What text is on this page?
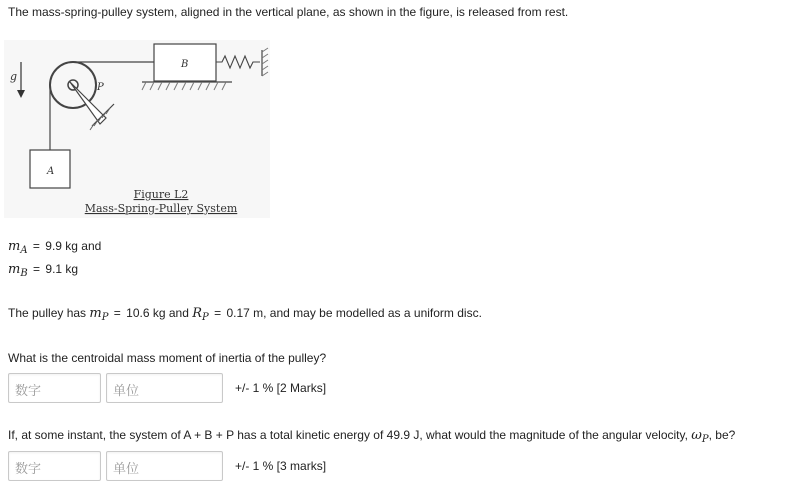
The mass-spring-pulley system, aligned in the vertical plane, as shown in the figure, is released from rest.
g
P
A
B
Figure L2
Mass-Spring-Pulley System
$m_A = 9.9$ kg and
$m_B = 9.1$ kg
The pulley has $m_P = 10.6$ kg and $R_P = 0.17$ m, and may be modelled as a uniform disc.
What is the centroidal mass moment of inertia of the pulley?
数字	单位	+/- 1 % [2 Marks]
If, at some instant, the system of A + B + P has a total kinetic energy of 49.9 J, what would the magnitude of the angular velocity, $\omega_P$, be?
数字	单位	+/- 1 % [3 marks]
